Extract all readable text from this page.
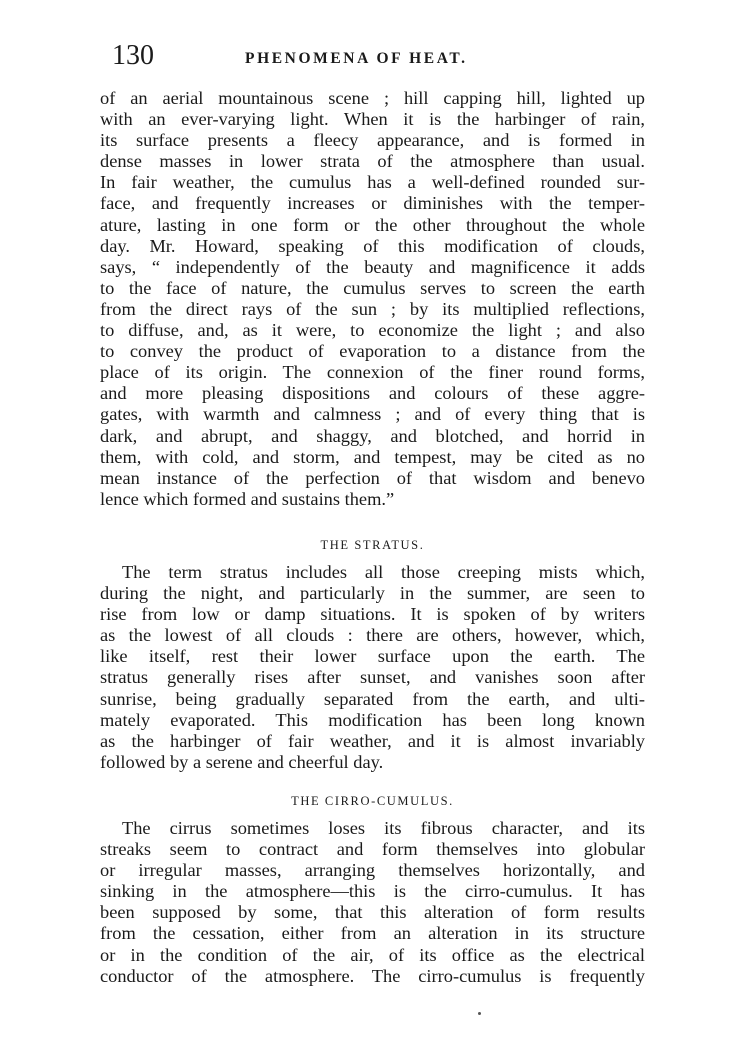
130	PHENOMENA OF HEAT.
of an aerial mountainous scene ; hill capping hill, lighted up
with an ever-varying light. When it is the harbinger of rain,
its surface presents a fleecy appearance, and is formed in
dense masses in lower strata of the atmosphere than usual.
In fair weather, the cumulus has a well-defined rounded sur-
face, and frequently increases or diminishes with the temper-
ature, lasting in one form or the other throughout the whole
day. Mr. Howard, speaking of this modification of clouds,
says, “ independently of the beauty and magnificence it adds
to the face of nature, the cumulus serves to screen the earth
from the direct rays of the sun ; by its multiplied reflections,
to diffuse, and, as it were, to economize the light ; and also
to convey the product of evaporation to a distance from the
place of its origin. The connexion of the finer round forms,
and more pleasing dispositions and colours of these aggre-
gates, with warmth and calmness ; and of every thing that is
dark, and abrupt, and shaggy, and blotched, and horrid in
them, with cold, and storm, and tempest, may be cited as no
mean instance of the perfection of that wisdom and benevo
lence which formed and sustains them.”
THE STRATUS.
The term stratus includes all those creeping mists which,
during the night, and particularly in the summer, are seen to
rise from low or damp situations. It is spoken of by writers
as the lowest of all clouds : there are others, however, which,
like itself, rest their lower surface upon the earth. The
stratus generally rises after sunset, and vanishes soon after
sunrise, being gradually separated from the earth, and ulti-
mately evaporated. This modification has been long known
as the harbinger of fair weather, and it is almost invariably
followed by a serene and cheerful day.
THE CIRRO-CUMULUS.
The cirrus sometimes loses its fibrous character, and its
streaks seem to contract and form themselves into globular
or irregular masses, arranging themselves horizontally, and
sinking in the atmosphere—this is the cirro-cumulus. It has
been supposed by some, that this alteration of form results
from the cessation, either from an alteration in its structure
or in the condition of the air, of its office as the electrical
conductor of the atmosphere. The cirro-cumulus is frequently
